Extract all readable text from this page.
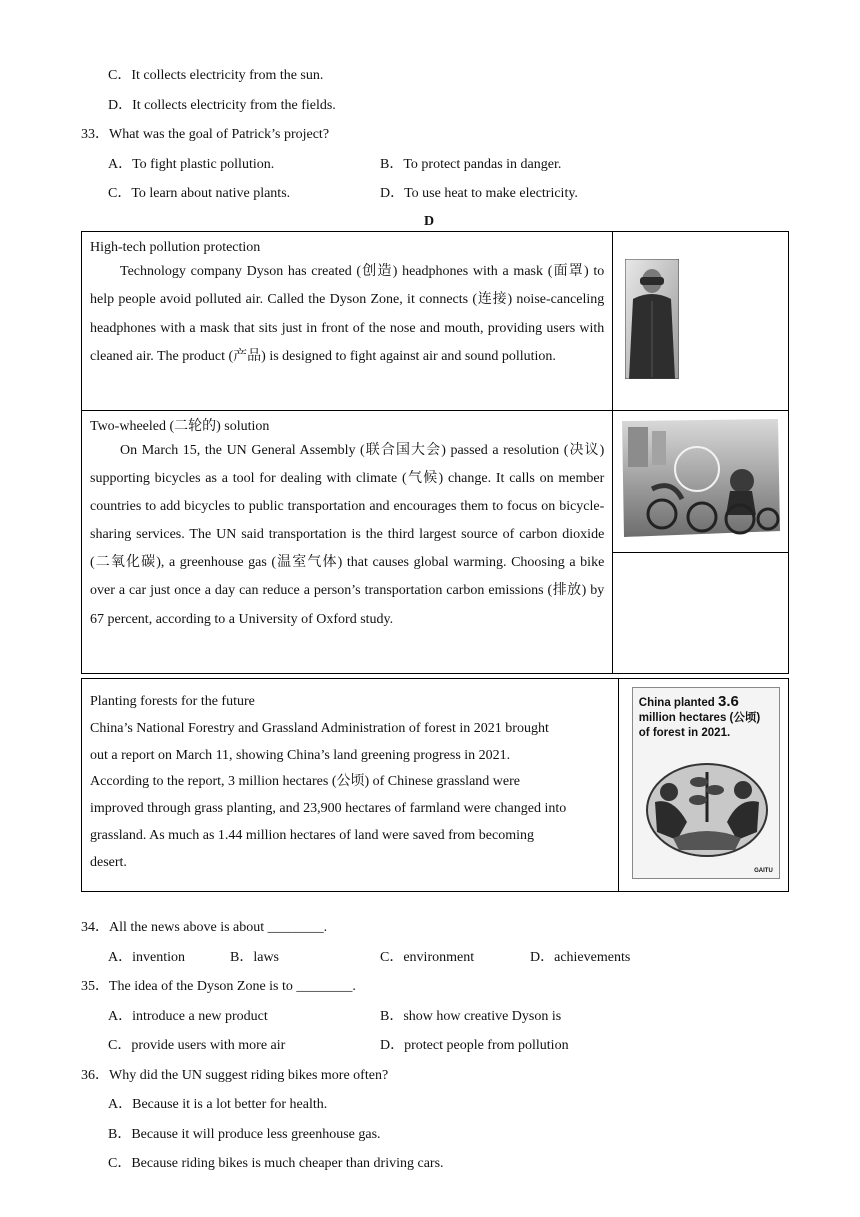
C．It collects electricity from the sun.
D．It collects electricity from the fields.
33．What was the goal of Patrick’s project?
A．To fight plastic pollution.	B．To protect pandas in danger.
C．To learn about native plants.	D．To use heat to make electricity.
D
High-tech pollution protection
Technology company Dyson has created (创造) headphones with a mask (面罩) to help people avoid polluted air. Called the Dyson Zone, it connects (连接) noise-canceling headphones with a mask that sits just in front of the nose and mouth, providing users with cleaned air. The product (产品) is designed to fight against air and sound pollution.

Two-wheeled (二轮的) solution
On March 15, the UN General Assembly (联合国大会) passed a resolution (决议) supporting bicycles as a tool for dealing with climate (气候) change. It calls on member countries to add bicycles to public transportation and encourages them to focus on bicycle-sharing services. The UN said transportation is the third largest source of carbon dioxide (二氧化碳), a greenhouse gas (温室气体) that causes global warming. Choosing a bike over a car just once a day can reduce a person’s transportation carbon emissions (排放) by 67 percent, according to a University of Oxford study.

Planting forests for the future
China’s National Forestry and Grassland Administration of forest in 2021 brought
out a report on March 11, showing China’s land greening progress in 2021.
According to the report, 3 million hectares (公顷) of Chinese grassland were
improved through grass planting, and 23,900 hectares of farmland were changed into
grassland. As much as 1.44 million hectares of land were saved from becoming
desert.

China planted 3.6
million hectares (公顷)
of forest in 2021.
GAITU
34．All the news above is about ________.
A．invention	B．laws	C．environment	D．achievements
35．The idea of the Dyson Zone is to ________.
A．introduce a new product	B．show how creative Dyson is
C．provide users with more air	D．protect people from pollution
36．Why did the UN suggest riding bikes more often?
A．Because it is a lot better for health.
B．Because it will produce less greenhouse gas.
C．Because riding bikes is much cheaper than driving cars.
